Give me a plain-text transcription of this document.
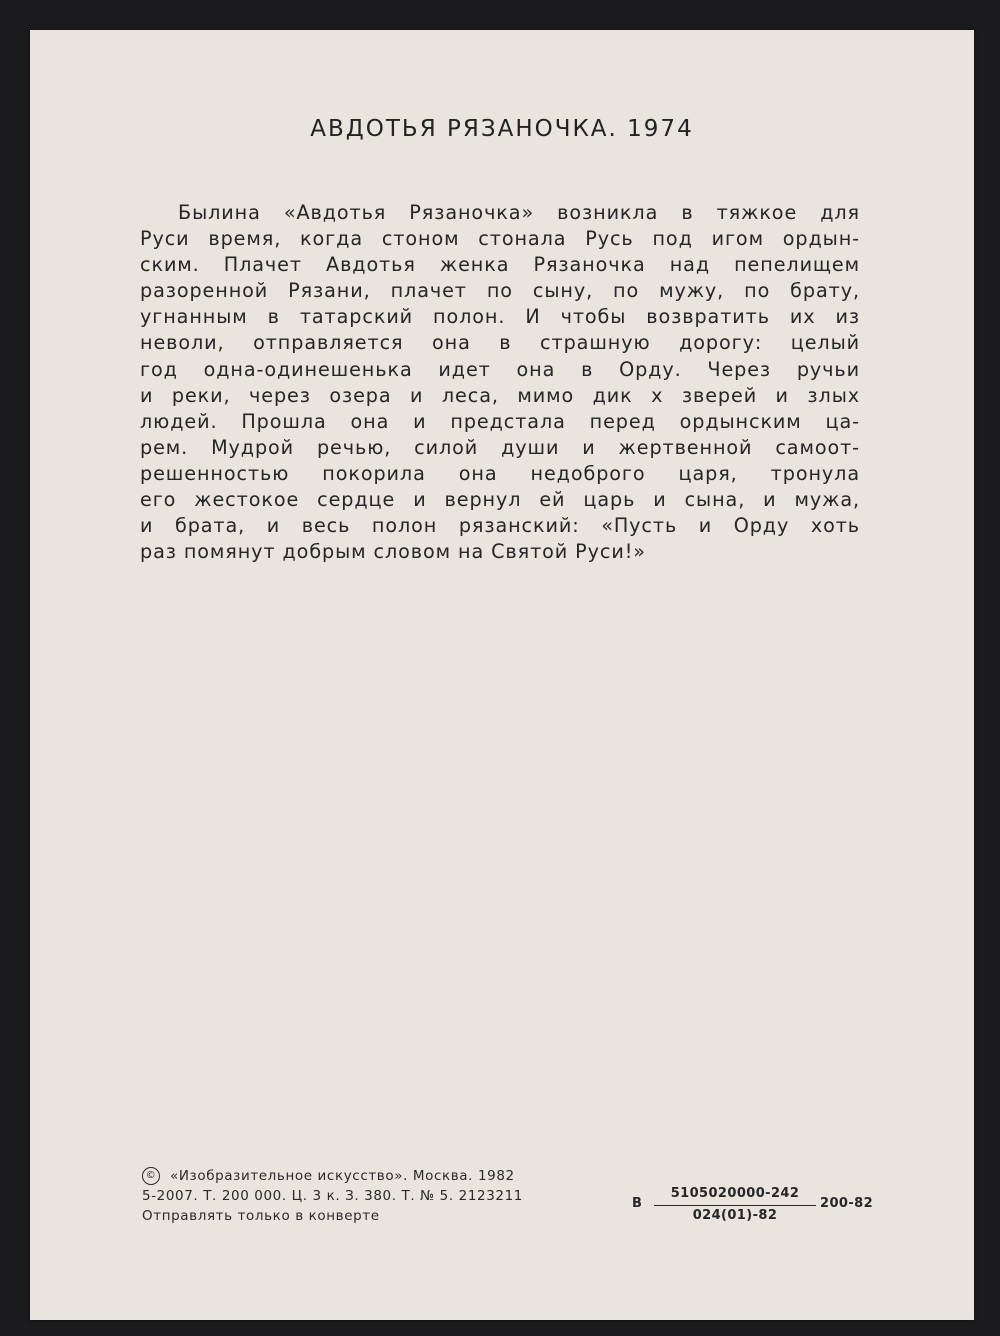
АВДОТЬЯ РЯЗАНОЧКА. 1974
Былина «Авдотья Рязаночка» возникла в тяжкое для
Руси время, когда стоном стонала Русь под игом ордын-
ским. Плачет Авдотья женка Рязаночка над пепелищем
разоренной Рязани, плачет по сыну, по мужу, по брату,
угнанным в татарский полон. И чтобы возвратить их из
неволи, отправляется она в страшную дорогу: целый
год одна-одинешенька идет она в Орду. Через ручьи
и реки, через озера и леса, мимо дик х зверей и злых
людей. Прошла она и предстала перед ордынским ца-
рем. Мудрой речью, силой души и жертвенной самоот-
решенностью покорила она недоброго царя, тронула
его жестокое сердце и вернул ей царь и сына, и мужа,
и брата, и весь полон рязанский: «Пусть и Орду хоть
раз помянут добрым словом на Святой Руси!»
© «Изобразительное искусство». Москва. 1982
5-2007. Т. 200 000. Ц. 3 к. З. 380. Т. № 5. 2123211
Отправлять только в конверте
В
5105020000-242
024(01)-82
200-82
